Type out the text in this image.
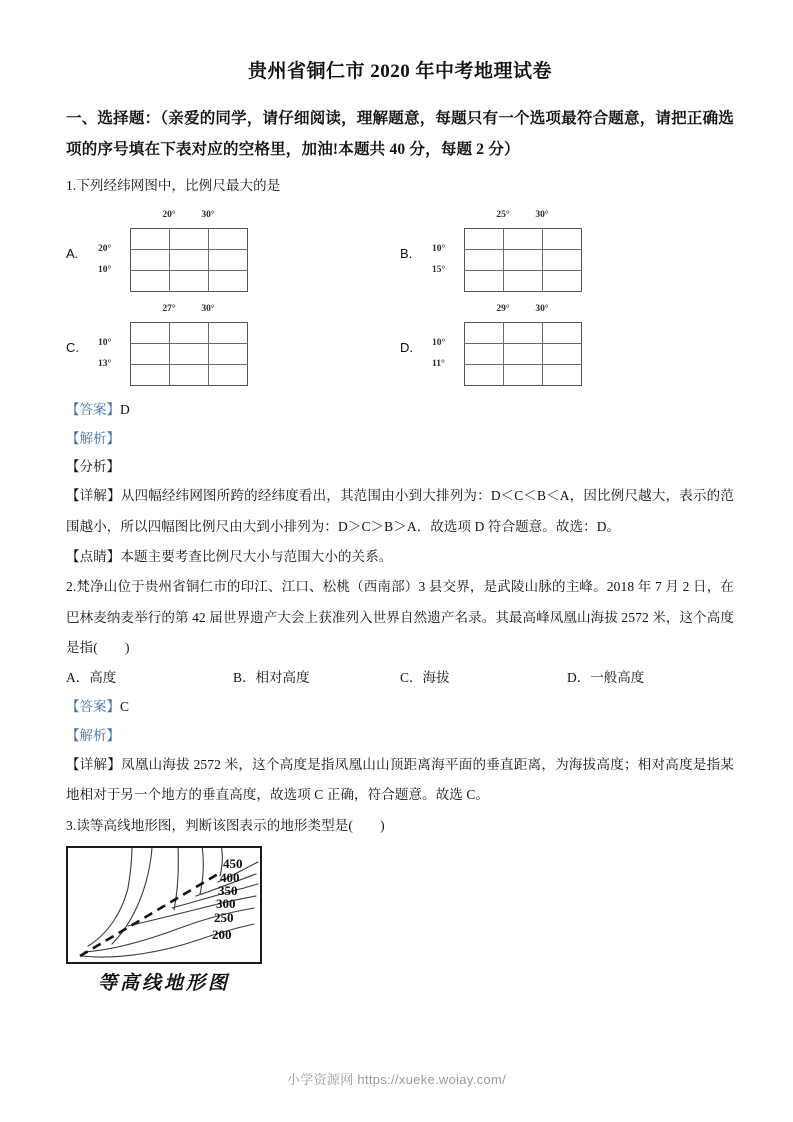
贵州省铜仁市 2020 年中考地理试卷

一、选择题：（亲爱的同学，请仔细阅读，理解题意，每题只有一个选项最符合题意，请把正确选项的序号填在下表对应的空格里，加油!本题共 40 分，每题 2 分）

1.下列经纬网图中，比例尺最大的是

A.
20°	30°
20°
10°
B.
25°	30°
10°
15°
C.
27°	30°
10°
13°
D.
29°	30°
10°
11°

【答案】D

【解析】

【分析】

【详解】从四幅经纬网图所跨的经纬度看出，其范围由小到大排列为：D＜C＜B＜A，因比例尺越大，表示的范围越小，所以四幅图比例尺由大到小排列为：D＞C＞B＞A．故选项 D 符合题意。故选：D。

【点睛】本题主要考查比例尺大小与范围大小的关系。

2.梵净山位于贵州省铜仁市的印江、江口、松桃（西南部）3 县交界，是武陵山脉的主峰。2018 年 7 月 2 日，在巴林麦纳麦举行的第 42 届世界遗产大会上获准列入世界自然遗产名录。其最高峰凤凰山海拔 2572 米，这个高度是指(　　)

A．高度	B．相对高度	C．海拔	D．一般高度

【答案】C

【解析】

【详解】凤凰山海拔 2572 米，这个高度是指凤凰山山顶距离海平面的垂直距离，为海拔高度；相对高度是指某地相对于另一个地方的垂直高度，故选项 C 正确，符合题意。故选 C。

3.读等高线地形图，判断该图表示的地形类型是(　　)

450
400
350
300
250
200
等高线地形图
小学资源网 https://xueke.woiay.com/
